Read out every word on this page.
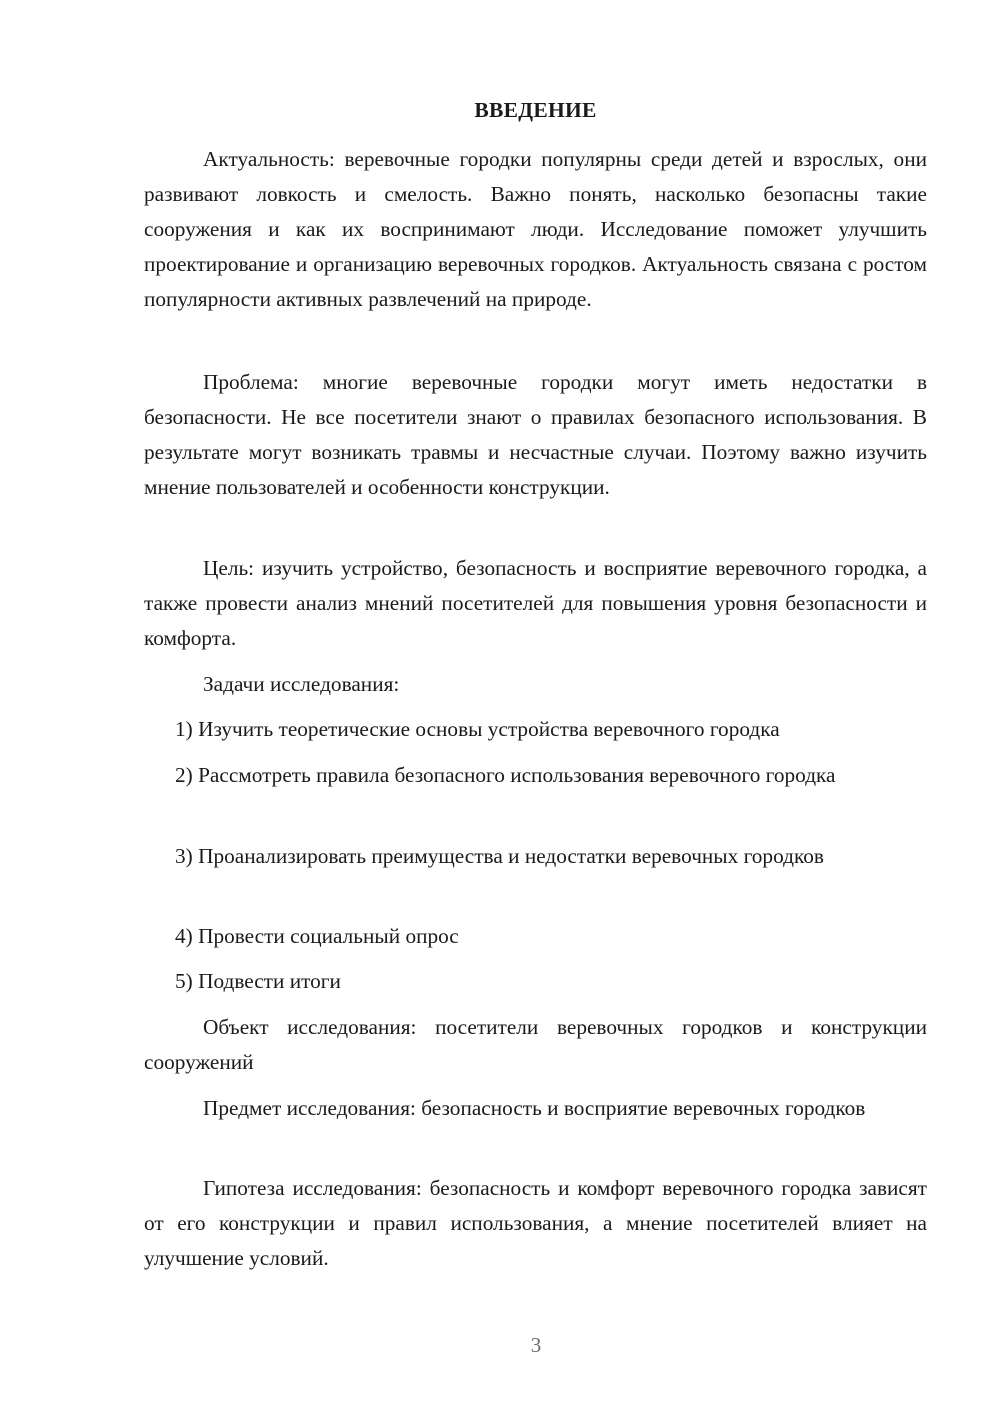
ВВЕДЕНИЕ

Актуальность: веревочные городки популярны среди детей и взрослых, они развивают ловкость и смелость. Важно понять, насколько безопасны такие сооружения и как их воспринимают люди. Исследование поможет улучшить проектирование и организацию веревочных городков. Актуальность связана с ростом популярности активных развлечений на природе.

Проблема: многие веревочные городки могут иметь недостатки в безопасности. Не все посетители знают о правилах безопасного использования. В результате могут возникать травмы и несчастные случаи. Поэтому важно изучить мнение пользователей и особенности конструкции.

Цель: изучить устройство, безопасность и восприятие веревочного городка, а также провести анализ мнений посетителей для повышения уровня безопасности и комфорта.

Задачи исследования:

1) Изучить теоретические основы устройства веревочного городка

2) Рассмотреть правила безопасного использования веревочного городка

3) Проанализировать преимущества и недостатки веревочных городков

4) Провести социальный опрос

5) Подвести итоги

Объект исследования: посетители веревочных городков и конструкции сооружений

Предмет исследования: безопасность и восприятие веревочных городков

Гипотеза исследования: безопасность и комфорт веревочного городка зависят от его конструкции и правил использования, а мнение посетителей влияет на улучшение условий.

3
